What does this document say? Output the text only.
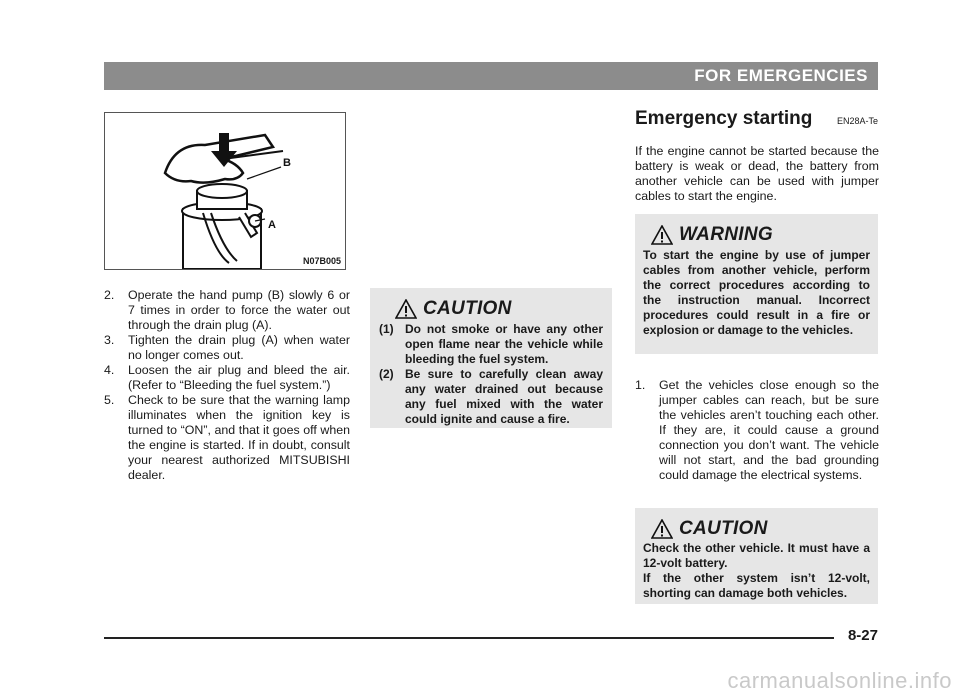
FOR EMERGENCIES
B
A
N07B005
2.	Operate the hand pump (B) slowly 6 or 7 times in order to force the water out through the drain plug (A).
3.	Tighten the drain plug (A) when water no longer comes out.
4.	Loosen the air plug and bleed the air. (Refer to “Bleeding the fuel system.”)
5.	Check to be sure that the warning lamp illuminates when the ignition key is turned to “ON”, and that it goes off when the engine is started. If in doubt, consult your nearest authorized MITSUBISHI dealer.
CAUTION
(1) Do not smoke or have any other open flame near the vehicle while bleeding the fuel system.
(2) Be sure to carefully clean away any water drained out because any fuel mixed with the water could ignite and cause a fire.
Emergency starting	EN28A-Te
If the engine cannot be started because the battery is weak or dead, the battery from another vehicle can be used with jumper cables to start the engine.
WARNING
To start the engine by use of jumper cables from another vehicle, perform the correct procedures according to the instruction manual. Incorrect procedures could result in a fire or explosion or damage to the vehicles.
1.	Get the vehicles close enough so the jumper cables can reach, but be sure the vehicles aren’t touching each other. If they are, it could cause a ground connection you don’t want. The vehicle will not start, and the bad grounding could damage the electrical systems.
CAUTION
Check the other vehicle. It must have a 12-volt battery.
If the other system isn’t 12-volt, shorting can damage both vehicles.
8-27
carmanualsonline.info
